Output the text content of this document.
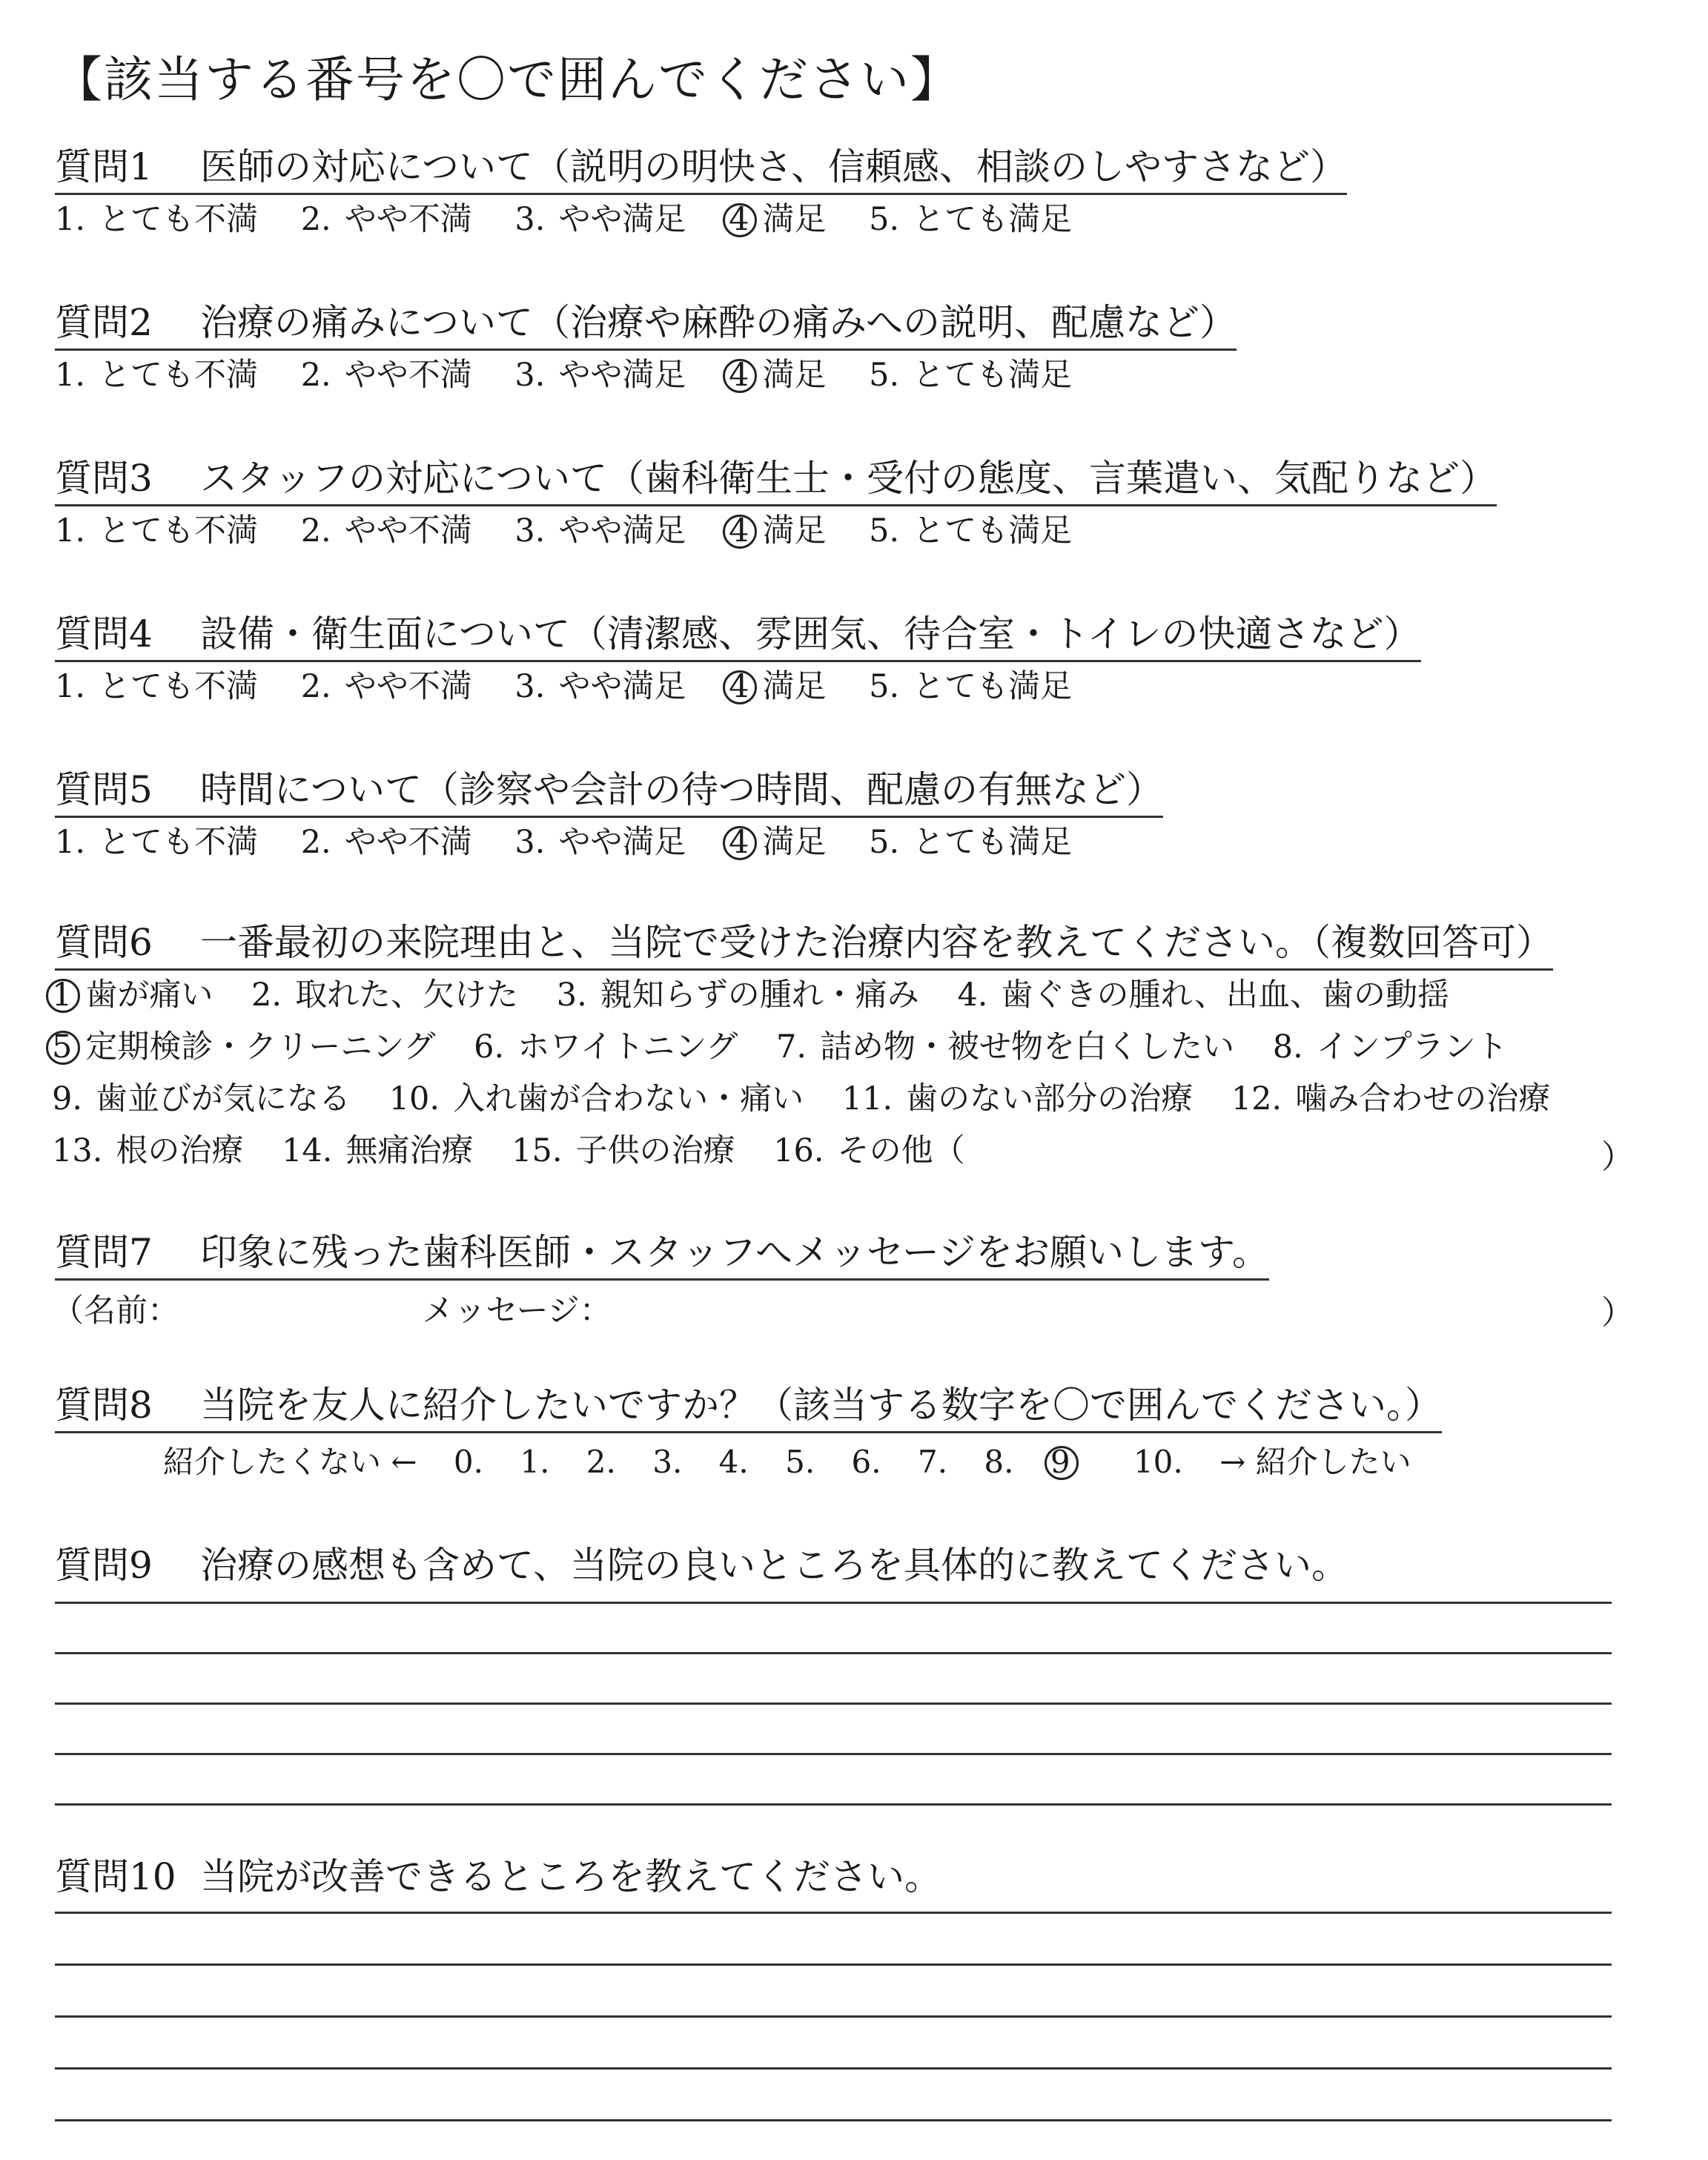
【該当する番号を〇で囲んでください】
質問1 医師の対応について（説明の明快さ、信頼感、相談のしやすさなど）
1. とても不満 2. やや不満 3. やや満足 4 満足 5. とても満足
質問2 治療の痛みについて（治療や麻酔の痛みへの説明、配慮など）
1. とても不満 2. やや不満 3. やや満足 4 満足 5. とても満足
質問3 スタッフの対応について（歯科衛生士・受付の態度、言葉遣い、気配りなど）
1. とても不満 2. やや不満 3. やや満足 4 満足 5. とても満足
質問4 設備・衛生面について（清潔感、雰囲気、待合室・トイレの快適さなど）
1. とても不満 2. やや不満 3. やや満足 4 満足 5. とても満足
質問5 時間について（診察や会計の待つ時間、配慮の有無など）
1. とても不満 2. やや不満 3. やや満足 4 満足 5. とても満足
質問6 一番最初の来院理由と、当院で受けた治療内容を教えてください。（複数回答可）
1 歯が痛い 2. 取れた、欠けた 3. 親知らずの腫れ・痛み 4. 歯ぐきの腫れ、出血、歯の動揺
5 定期検診・クリーニング 6. ホワイトニング 7. 詰め物・被せ物を白くしたい 8. インプラント
9. 歯並びが気になる 10. 入れ歯が合わない・痛い 11. 歯のない部分の治療 12. 噛み合わせの治療
13. 根の治療 14. 無痛治療 15. 子供の治療 16. その他（	）
質問7 印象に残った歯科医師・スタッフへメッセージをお願いします。
（名前：	メッセージ：	）
質問8 当院を友人に紹介したいですか？（該当する数字を〇で囲んでください。）
紹介したくない ← 0. 1. 2. 3. 4. 5. 6. 7. 8. 9 10. → 紹介したい
質問9 治療の感想も含めて、当院の良いところを具体的に教えてください。
質問10 当院が改善できるところを教えてください。
